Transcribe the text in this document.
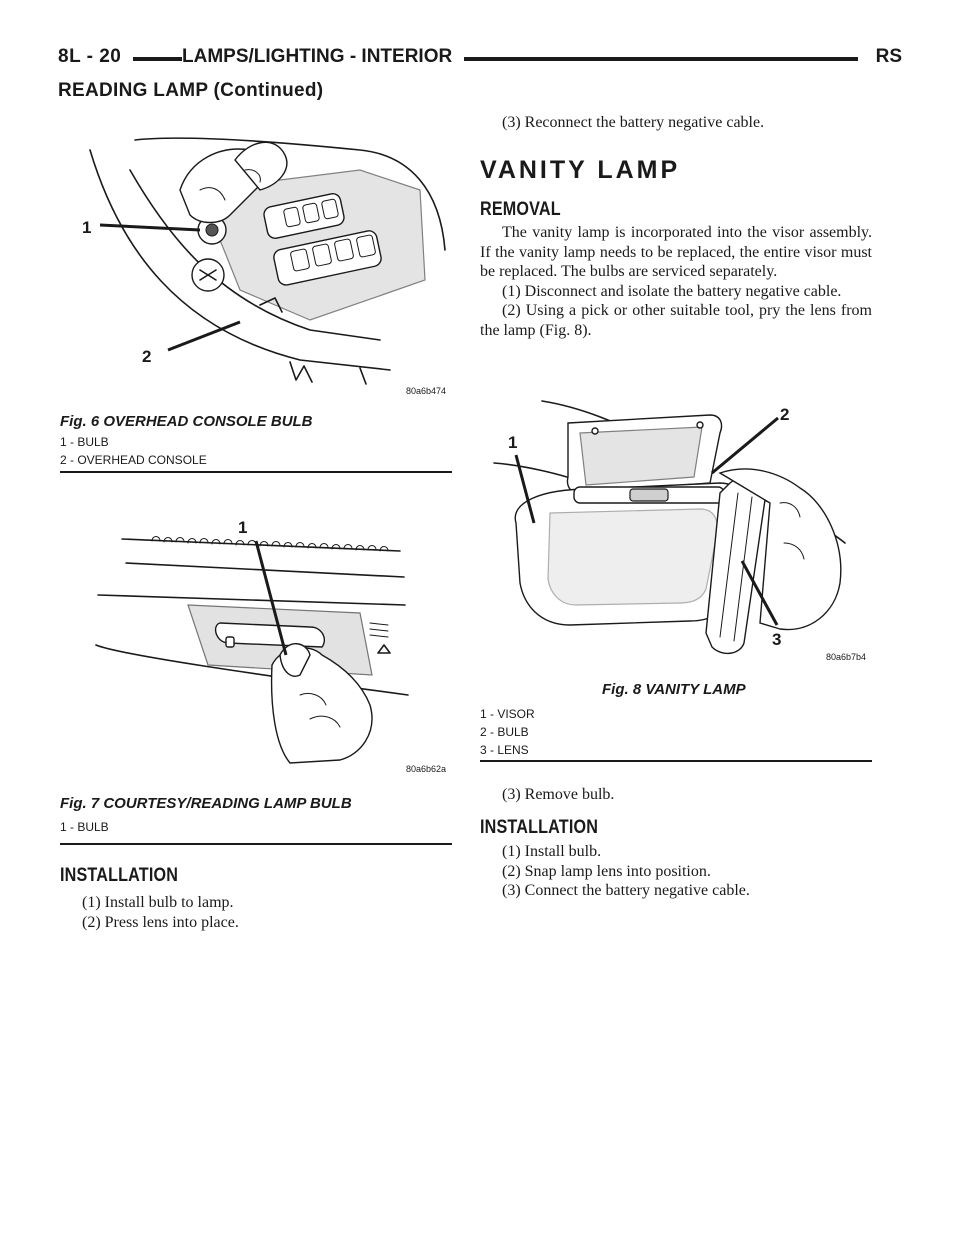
8L - 20	LAMPS/LIGHTING - INTERIOR	RS
READING LAMP (Continued)
1
2
80a6b474
Fig. 6 OVERHEAD CONSOLE BULB
1 - BULB
2 - OVERHEAD CONSOLE
1
80a6b62a
Fig. 7 COURTESY/READING LAMP BULB
1 - BULB
INSTALLATION
(1) Install bulb to lamp.
(2) Press lens into place.
(3) Reconnect the battery negative cable.
VANITY LAMP
REMOVAL
The vanity lamp is incorporated into the visor assembly. If the vanity lamp needs to be replaced, the entire visor must be replaced. The bulbs are serviced separately.
(1) Disconnect and isolate the battery negative cable.
(2) Using a pick or other suitable tool, pry the lens from the lamp (Fig. 8).
1
2
3
80a6b7b4
Fig. 8 VANITY LAMP
1 - VISOR
2 - BULB
3 - LENS
(3) Remove bulb.
INSTALLATION
(1) Install bulb.
(2) Snap lamp lens into position.
(3) Connect the battery negative cable.
